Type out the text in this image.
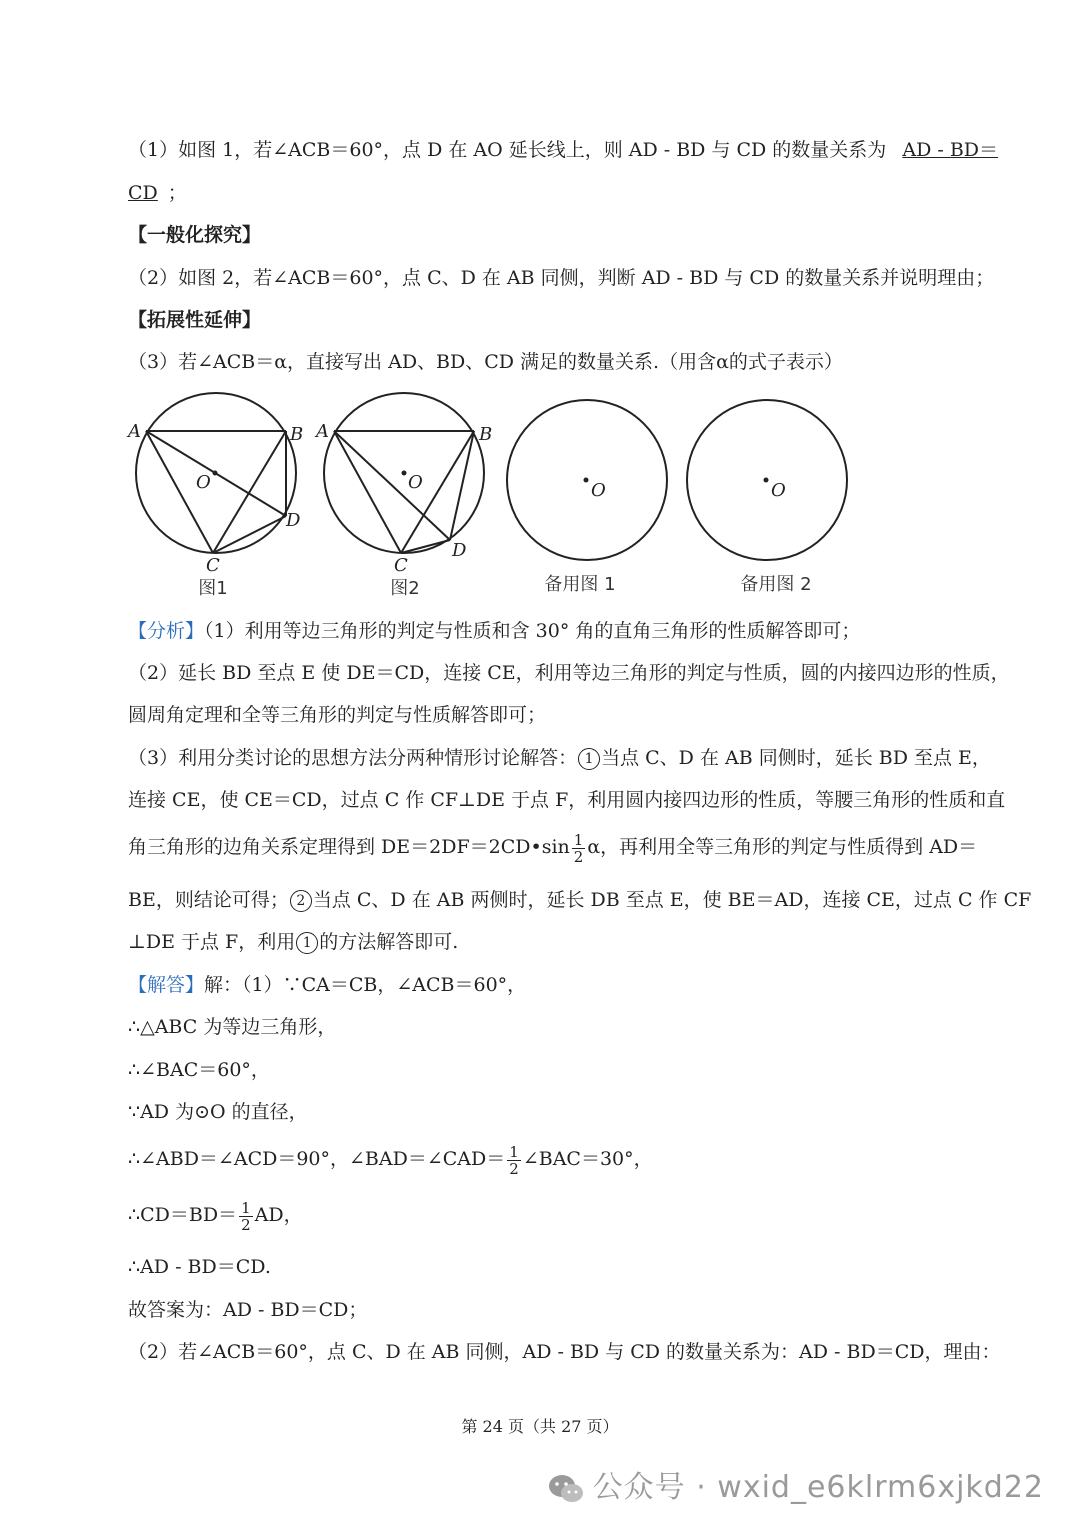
（1）如图 1，若∠ACB＝60°，点 D 在 AO 延长线上，则 AD - BD 与 CD 的数量关系为 AD - BD＝
CD ；
【一般化探究】
（2）如图 2，若∠ACB＝60°，点 C、D 在 AB 同侧，判断 AD - BD 与 CD 的数量关系并说明理由；
【拓展性延伸】
（3）若∠ACB＝α，直接写出 AD、BD、CD 满足的数量关系.（用含α的式子表示）
A	B
O
D
C
A	B
O
D
C
O	O
图1	图2	备用图 1	备用图 2
【分析】（1）利用等边三角形的判定与性质和含 30° 角的直角三角形的性质解答即可；
（2）延长 BD 至点 E 使 DE＝CD，连接 CE，利用等边三角形的判定与性质，圆的内接四边形的性质，
圆周角定理和全等三角形的判定与性质解答即可；
（3）利用分类讨论的思想方法分两种情形讨论解答： 1 当点 C、D 在 AB 同侧时，延长 BD 至点 E，
连接 CE，使 CE＝CD，过点 C 作 CF⊥DE 于点 F，利用圆内接四边形的性质，等腰三角形的性质和直
角三角形的边角关系定理得到 DE＝2DF＝2CD•sin $\frac{1}{2}$ α，再利用全等三角形的判定与性质得到 AD＝
BE，则结论可得； 2 当点 C、D 在 AB 两侧时，延长 DB 至点 E，使 BE＝AD，连接 CE，过点 C 作 CF
⊥DE 于点 F，利用 1 的方法解答即可.
【解答】解：（1）∵CA＝CB，∠ACB＝60°，
∴△ABC 为等边三角形，
∴∠BAC＝60°，
∵AD 为⊙O 的直径，
∴∠ABD＝∠ACD＝90°，∠BAD＝∠CAD＝ $\frac{1}{2}$ ∠BAC＝30°，
∴CD＝BD＝ $\frac{1}{2}$ AD，
∴AD - BD＝CD.
故答案为：AD - BD＝CD；
（2）若∠ACB＝60°，点 C、D 在 AB 同侧，AD - BD 与 CD 的数量关系为：AD - BD＝CD，理由：
第 24 页（共 27 页）
公众号 · wxid_e6klrm6xjkd22
